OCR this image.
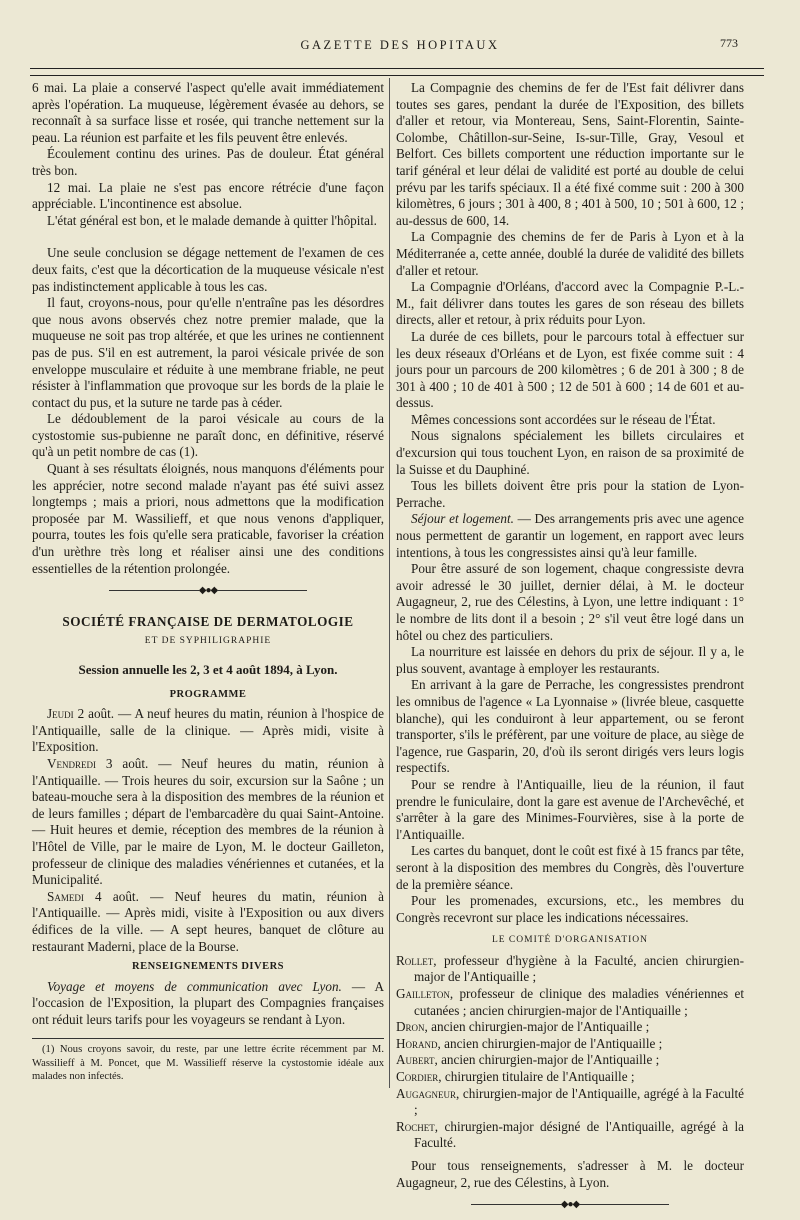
GAZETTE DES HOPITAUX	773

6 mai. La plaie a conservé l'aspect qu'elle avait immédiatement après l'opération. La muqueuse, légèrement évasée au dehors, se reconnaît à sa surface lisse et rosée, qui tranche nettement sur la peau. La réunion est parfaite et les fils peuvent être enlevés.

Écoulement continu des urines. Pas de douleur. État général très bon.

12 mai. La plaie ne s'est pas encore rétrécie d'une façon appréciable. L'incontinence est absolue.

L'état général est bon, et le malade demande à quitter l'hôpital.

Une seule conclusion se dégage nettement de l'examen de ces deux faits, c'est que la décortication de la muqueuse vésicale n'est pas indistinctement applicable à tous les cas.

Il faut, croyons-nous, pour qu'elle n'entraîne pas les désordres que nous avons observés chez notre premier malade, que la muqueuse ne soit pas trop altérée, et que les urines ne contiennent pas de pus. S'il en est autrement, la paroi vésicale privée de son enveloppe musculaire et réduite à une membrane friable, ne peut résister à l'inflammation que provoque sur les bords de la plaie le contact du pus, et la suture ne tarde pas à céder.

Le dédoublement de la paroi vésicale au cours de la cystostomie sus-pubienne ne paraît donc, en définitive, réservé qu'à un petit nombre de cas (1).

Quant à ses résultats éloignés, nous manquons d'éléments pour les apprécier, notre second malade n'ayant pas été suivi assez longtemps ; mais a priori, nous admettons que la modification proposée par M. Wassilieff, et que nous venons d'appliquer, pourra, toutes les fois qu'elle sera praticable, favoriser la création d'un urèthre très long et réaliser ainsi une des conditions essentielles de la rétention prolongée.

◆●◆
SOCIÉTÉ FRANÇAISE DE DERMATOLOGIE
ET DE SYPHILIGRAPHIE
Session annuelle les 2, 3 et 4 août 1894, à Lyon.
PROGRAMME

Jeudi 2 août. — A neuf heures du matin, réunion à l'hospice de l'Antiquaille, salle de la clinique. — Après midi, visite à l'Exposition.

Vendredi 3 août. — Neuf heures du matin, réunion à l'Antiquaille. — Trois heures du soir, excursion sur la Saône ; un bateau-mouche sera à la disposition des membres de la réunion et de leurs familles ; départ de l'embarcadère du quai Saint-Antoine. — Huit heures et demie, réception des membres de la réunion à l'Hôtel de Ville, par le maire de Lyon, M. le docteur Gailleton, professeur de clinique des maladies vénériennes et cutanées, et la Municipalité.

Samedi 4 août. — Neuf heures du matin, réunion à l'Antiquaille. — Après midi, visite à l'Exposition ou aux divers édifices de la ville. — A sept heures, banquet de clôture au restaurant Maderni, place de la Bourse.

RENSEIGNEMENTS DIVERS

Voyage et moyens de communication avec Lyon. — A l'occasion de l'Exposition, la plupart des Compagnies françaises ont réduit leurs tarifs pour les voyageurs se rendant à Lyon.

(1) Nous croyons savoir, du reste, par une lettre écrite récemment par M. Wassilieff à M. Poncet, que M. Wassilieff réserve la cystostomie idéale aux malades non infectés.

La Compagnie des chemins de fer de l'Est fait délivrer dans toutes ses gares, pendant la durée de l'Exposition, des billets d'aller et retour, via Montereau, Sens, Saint-Florentin, Sainte-Colombe, Châtillon-sur-Seine, Is-sur-Tille, Gray, Vesoul et Belfort. Ces billets comportent une réduction importante sur le tarif général et leur délai de validité est porté au double de celui prévu par les tarifs spéciaux. Il a été fixé comme suit : 200 à 300 kilomètres, 6 jours ; 301 à 400, 8 ; 401 à 500, 10 ; 501 à 600, 12 ; au-dessus de 600, 14.

La Compagnie des chemins de fer de Paris à Lyon et à la Méditerranée a, cette année, doublé la durée de validité des billets d'aller et retour.

La Compagnie d'Orléans, d'accord avec la Compagnie P.-L.-M., fait délivrer dans toutes les gares de son réseau des billets directs, aller et retour, à prix réduits pour Lyon.

La durée de ces billets, pour le parcours total à effectuer sur les deux réseaux d'Orléans et de Lyon, est fixée comme suit : 4 jours pour un parcours de 200 kilomètres ; 6 de 201 à 300 ; 8 de 301 à 400 ; 10 de 401 à 500 ; 12 de 501 à 600 ; 14 de 601 et au-dessus.

Mêmes concessions sont accordées sur le réseau de l'État.

Nous signalons spécialement les billets circulaires et d'excursion qui tous touchent Lyon, en raison de sa proximité de la Suisse et du Dauphiné.

Tous les billets doivent être pris pour la station de Lyon-Perrache.

Séjour et logement. — Des arrangements pris avec une agence nous permettent de garantir un logement, en rapport avec leurs intentions, à tous les congressistes ainsi qu'à leur famille.

Pour être assuré de son logement, chaque congressiste devra avoir adressé le 30 juillet, dernier délai, à M. le docteur Augagneur, 2, rue des Célestins, à Lyon, une lettre indiquant : 1° le nombre de lits dont il a besoin ; 2° s'il veut être logé dans un hôtel ou chez des particuliers.

La nourriture est laissée en dehors du prix de séjour. Il y a, le plus souvent, avantage à employer les restaurants.

En arrivant à la gare de Perrache, les congressistes prendront les omnibus de l'agence « La Lyonnaise » (livrée bleue, casquette blanche), qui les conduiront à leur appartement, ou se feront transporter, s'ils le préfèrent, par une voiture de place, au siège de l'agence, rue Gasparin, 20, d'où ils seront dirigés vers leurs logis respectifs.

Pour se rendre à l'Antiquaille, lieu de la réunion, il faut prendre le funiculaire, dont la gare est avenue de l'Archevêché, et s'arrêter à la gare des Minimes-Fourvières, sise à la porte de l'Antiquaille.

Les cartes du banquet, dont le coût est fixé à 15 francs par tête, seront à la disposition des membres du Congrès, dès l'ouverture de la première séance.

Pour les promenades, excursions, etc., les membres du Congrès recevront sur place les indications nécessaires.

LE COMITÉ D'ORGANISATION

Rollet, professeur d'hygiène à la Faculté, ancien chirurgien-major de l'Antiquaille ;

Gailleton, professeur de clinique des maladies vénériennes et cutanées ; ancien chirurgien-major de l'Antiquaille ;

Dron, ancien chirurgien-major de l'Antiquaille ;

Horand, ancien chirurgien-major de l'Antiquaille ;

Aubert, ancien chirurgien-major de l'Antiquaille ;

Cordier, chirurgien titulaire de l'Antiquaille ;

Augagneur, chirurgien-major de l'Antiquaille, agrégé à la Faculté ;

Rochet, chirurgien-major désigné de l'Antiquaille, agrégé à la Faculté.

Pour tous renseignements, s'adresser à M. le docteur Augagneur, 2, rue des Célestins, à Lyon.

◆●◆
